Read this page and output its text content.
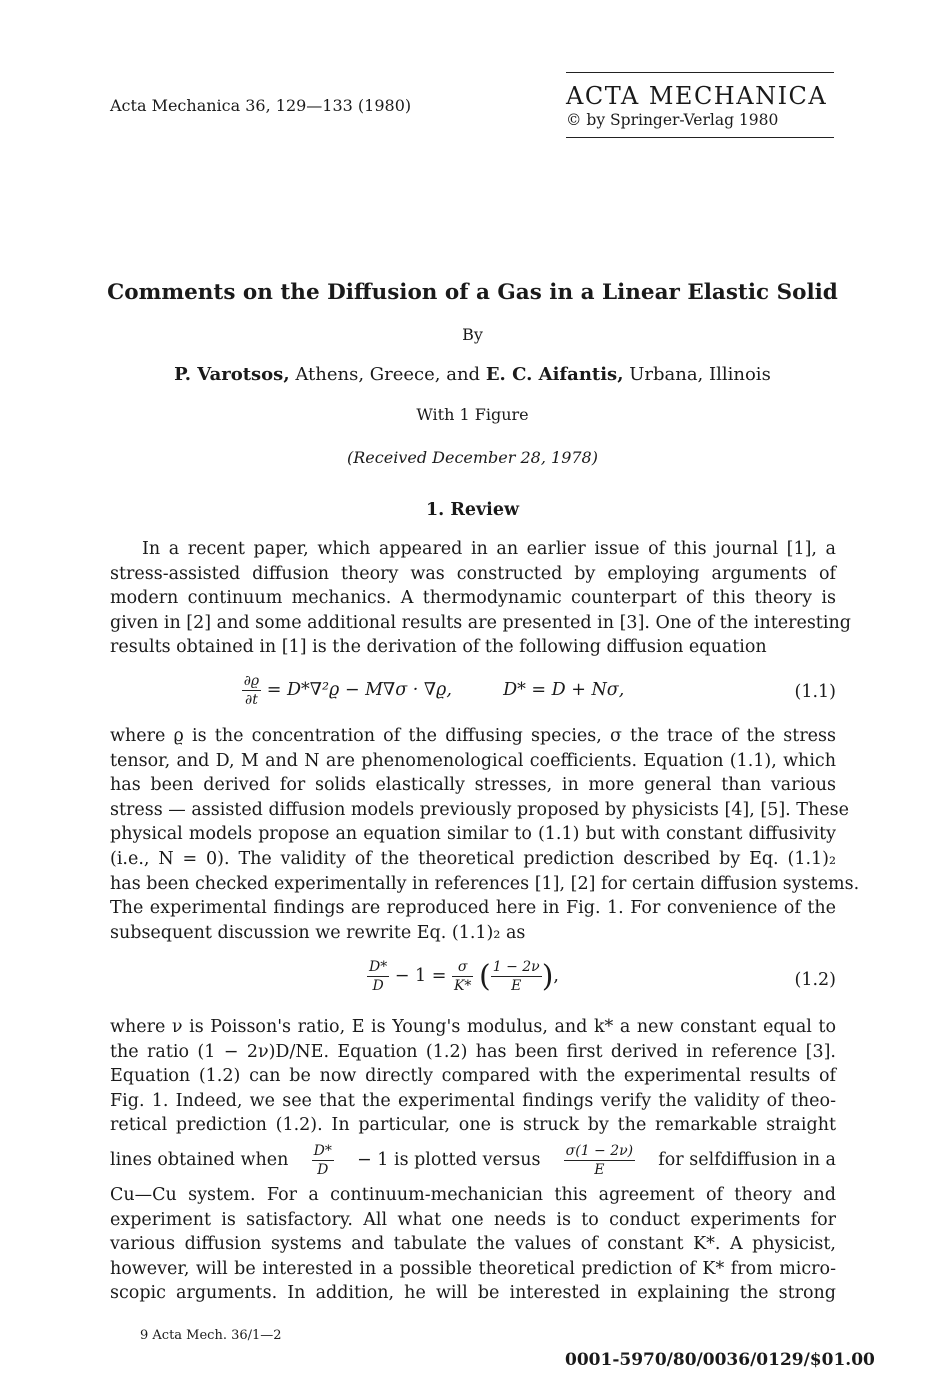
Acta Mechanica 36, 129—133 (1980)	ACTA MECHANICA
© by Springer-Verlag 1980
Comments on the Diffusion of a Gas in a Linear Elastic Solid
By
P. Varotsos, Athens, Greece, and E. C. Aifantis, Urbana, Illinois
With 1 Figure
(Received December 28, 1978)
1. Review
In a recent paper, which appeared in an earlier issue of this journal [1], a
stress-assisted diffusion theory was constructed by employing arguments of
modern continuum mechanics. A thermodynamic counterpart of this theory is
given in [2] and some additional results are presented in [3]. One of the interesting
results obtained in [1] is the derivation of the following diffusion equation
$\frac{\partial ϱ}{\partial t} = D*\nabla^2ϱ - M\nabla\sigma \cdot \nabla ϱ$,	D* = D + Nσ,	(1.1)
where ϱ is the concentration of the diffusing species, σ the trace of the stress
tensor, and D, M and N are phenomenological coefficients. Equation (1.1), which
has been derived for solids elastically stresses, in more general than various
stress — assisted diffusion models previously proposed by physicists [4], [5]. These
physical models propose an equation similar to (1.1) but with constant diffusivity
(i.e., N = 0). The validity of the theoretical prediction described by Eq. (1.1)₂
has been checked experimentally in references [1], [2] for certain diffusion systems.
The experimental findings are reproduced here in Fig. 1. For convenience of the
subsequent discussion we rewrite Eq. (1.1)₂ as
$\frac{D*}{D} - 1 = \frac{\sigma}{K*}$ ( $\frac{1 - 2\nu}{E}$ ),	(1.2)
where ν is Poisson's ratio, E is Young's modulus, and k* a new constant equal to
the ratio (1 − 2ν)D/NE. Equation (1.2) has been first derived in reference [3].
Equation (1.2) can be now directly compared with the experimental results of
Fig. 1. Indeed, we see that the experimental findings verify the validity of theo-
retical prediction (1.2). In particular, one is struck by the remarkable straight
lines obtained when $\frac{D*}{D} - 1$ is plotted versus $\frac{\sigma(1 - 2\nu)}{E}$ for selfdiffusion in a
Cu—Cu system. For a continuum-mechanician this agreement of theory and
experiment is satisfactory. All what one needs is to conduct experiments for
various diffusion systems and tabulate the values of constant K*. A physicist,
however, will be interested in a possible theoretical prediction of K* from micro-
scopic arguments. In addition, he will be interested in explaining the strong
9 Acta Mech. 36/1—2
0001-5970/80/0036/0129/$01.00
